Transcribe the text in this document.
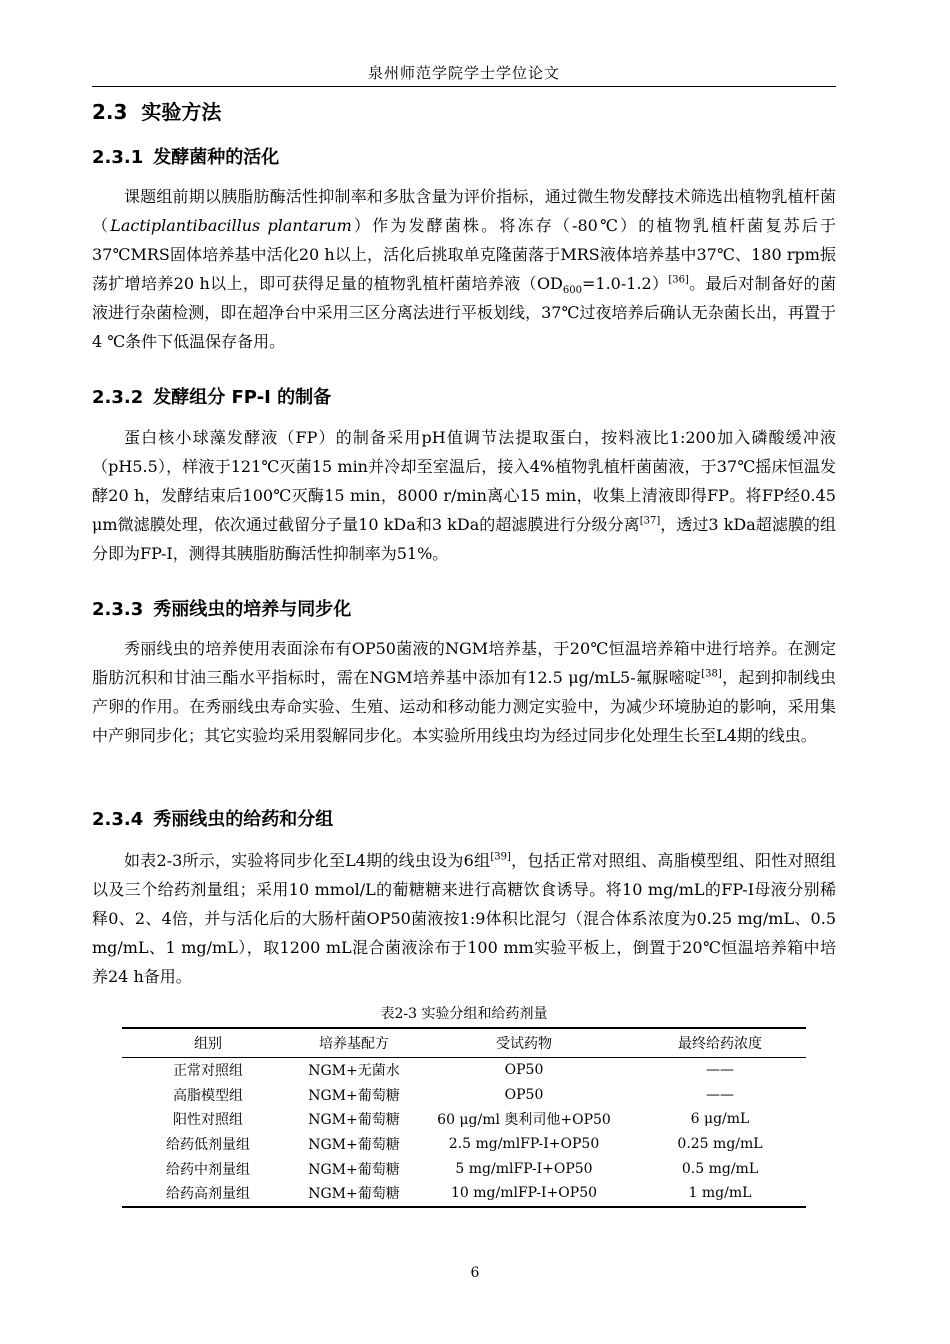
泉州师范学院学士学位论文
2.3 实验方法
2.3.1 发酵菌种的活化

课题组前期以胰脂肪酶活性抑制率和多肽含量为评价指标，通过微生物发酵技术筛选出植物乳植杆菌（Lactiplantibacillus plantarum）作为发酵菌株。将冻存（-80℃）的植物乳植杆菌复苏后于37℃MRS固体培养基中活化20 h以上，活化后挑取单克隆菌落于MRS液体培养基中37℃、180 rpm振荡扩增培养20 h以上，即可获得足量的植物乳植杆菌培养液$(OD_{600}=1.0-1.2)[36]$。最后对制备好的菌液进行杂菌检测，即在超净台中采用三区分离法进行平板划线，37℃过夜培养后确认无杂菌长出，再置于4 ℃条件下低温保存备用。

2.3.2 发酵组分 FP-I 的制备

蛋白核小球藻发酵液（FP）的制备采用pH值调节法提取蛋白，按料液比1:200加入磷酸缓冲液（pH5.5），样液于121℃灭菌15 min并冷却至室温后，接入4%植物乳植杆菌菌液，于37℃摇床恒温发酵20 h，发酵结束后100℃灭酶15 min，8000 r/min离心15 min，收集上清液即得FP。将FP经0.45 μm微滤膜处理，依次通过截留分子量10 kDa和3 kDa的超滤膜进行分级分离[37]，透过3 kDa超滤膜的组分即为FP-I，测得其胰脂肪酶活性抑制率为51%。

2.3.3 秀丽线虫的培养与同步化

秀丽线虫的培养使用表面涂布有OP50菌液的NGM培养基，于20℃恒温培养箱中进行培养。在测定脂肪沉积和甘油三酯水平指标时，需在NGM培养基中添加有12.5 μg/mL5-氟脲嘧啶[38]，起到抑制线虫产卵的作用。在秀丽线虫寿命实验、生殖、运动和移动能力测定实验中，为减少环境胁迫的影响，采用集中产卵同步化；其它实验均采用裂解同步化。本实验所用线虫均为经过同步化处理生长至L4期的线虫。

2.3.4 秀丽线虫的给药和分组

如表2-3所示，实验将同步化至L4期的线虫设为6组[39]，包括正常对照组、高脂模型组、阳性对照组以及三个给药剂量组；采用10 mmol/L的葡糖糖来进行高糖饮食诱导。将10 mg/mL的FP-I母液分别稀释0、2、4倍，并与活化后的大肠杆菌OP50菌液按1:9体积比混匀（混合体系浓度为0.25 mg/mL、0.5 mg/mL、1 mg/mL），取1200 mL混合菌液涂布于100 mm实验平板上，倒置于20℃恒温培养箱中培养24 h备用。

表2-3 实验分组和给药剂量
组别	培养基配方	受试药物	最终给药浓度
正常对照组	NGM+无菌水	OP50	——
高脂模型组	NGM+葡萄糖	OP50	——
阳性对照组	NGM+葡萄糖	60 μg/ml 奥利司他+OP50	6 μg/mL
给药低剂量组	NGM+葡萄糖	2.5 mg/mlFP-I+OP50	0.25 mg/mL
给药中剂量组	NGM+葡萄糖	5 mg/mlFP-I+OP50	0.5 mg/mL
给药高剂量组	NGM+葡萄糖	10 mg/mlFP-I+OP50	1 mg/mL
6
